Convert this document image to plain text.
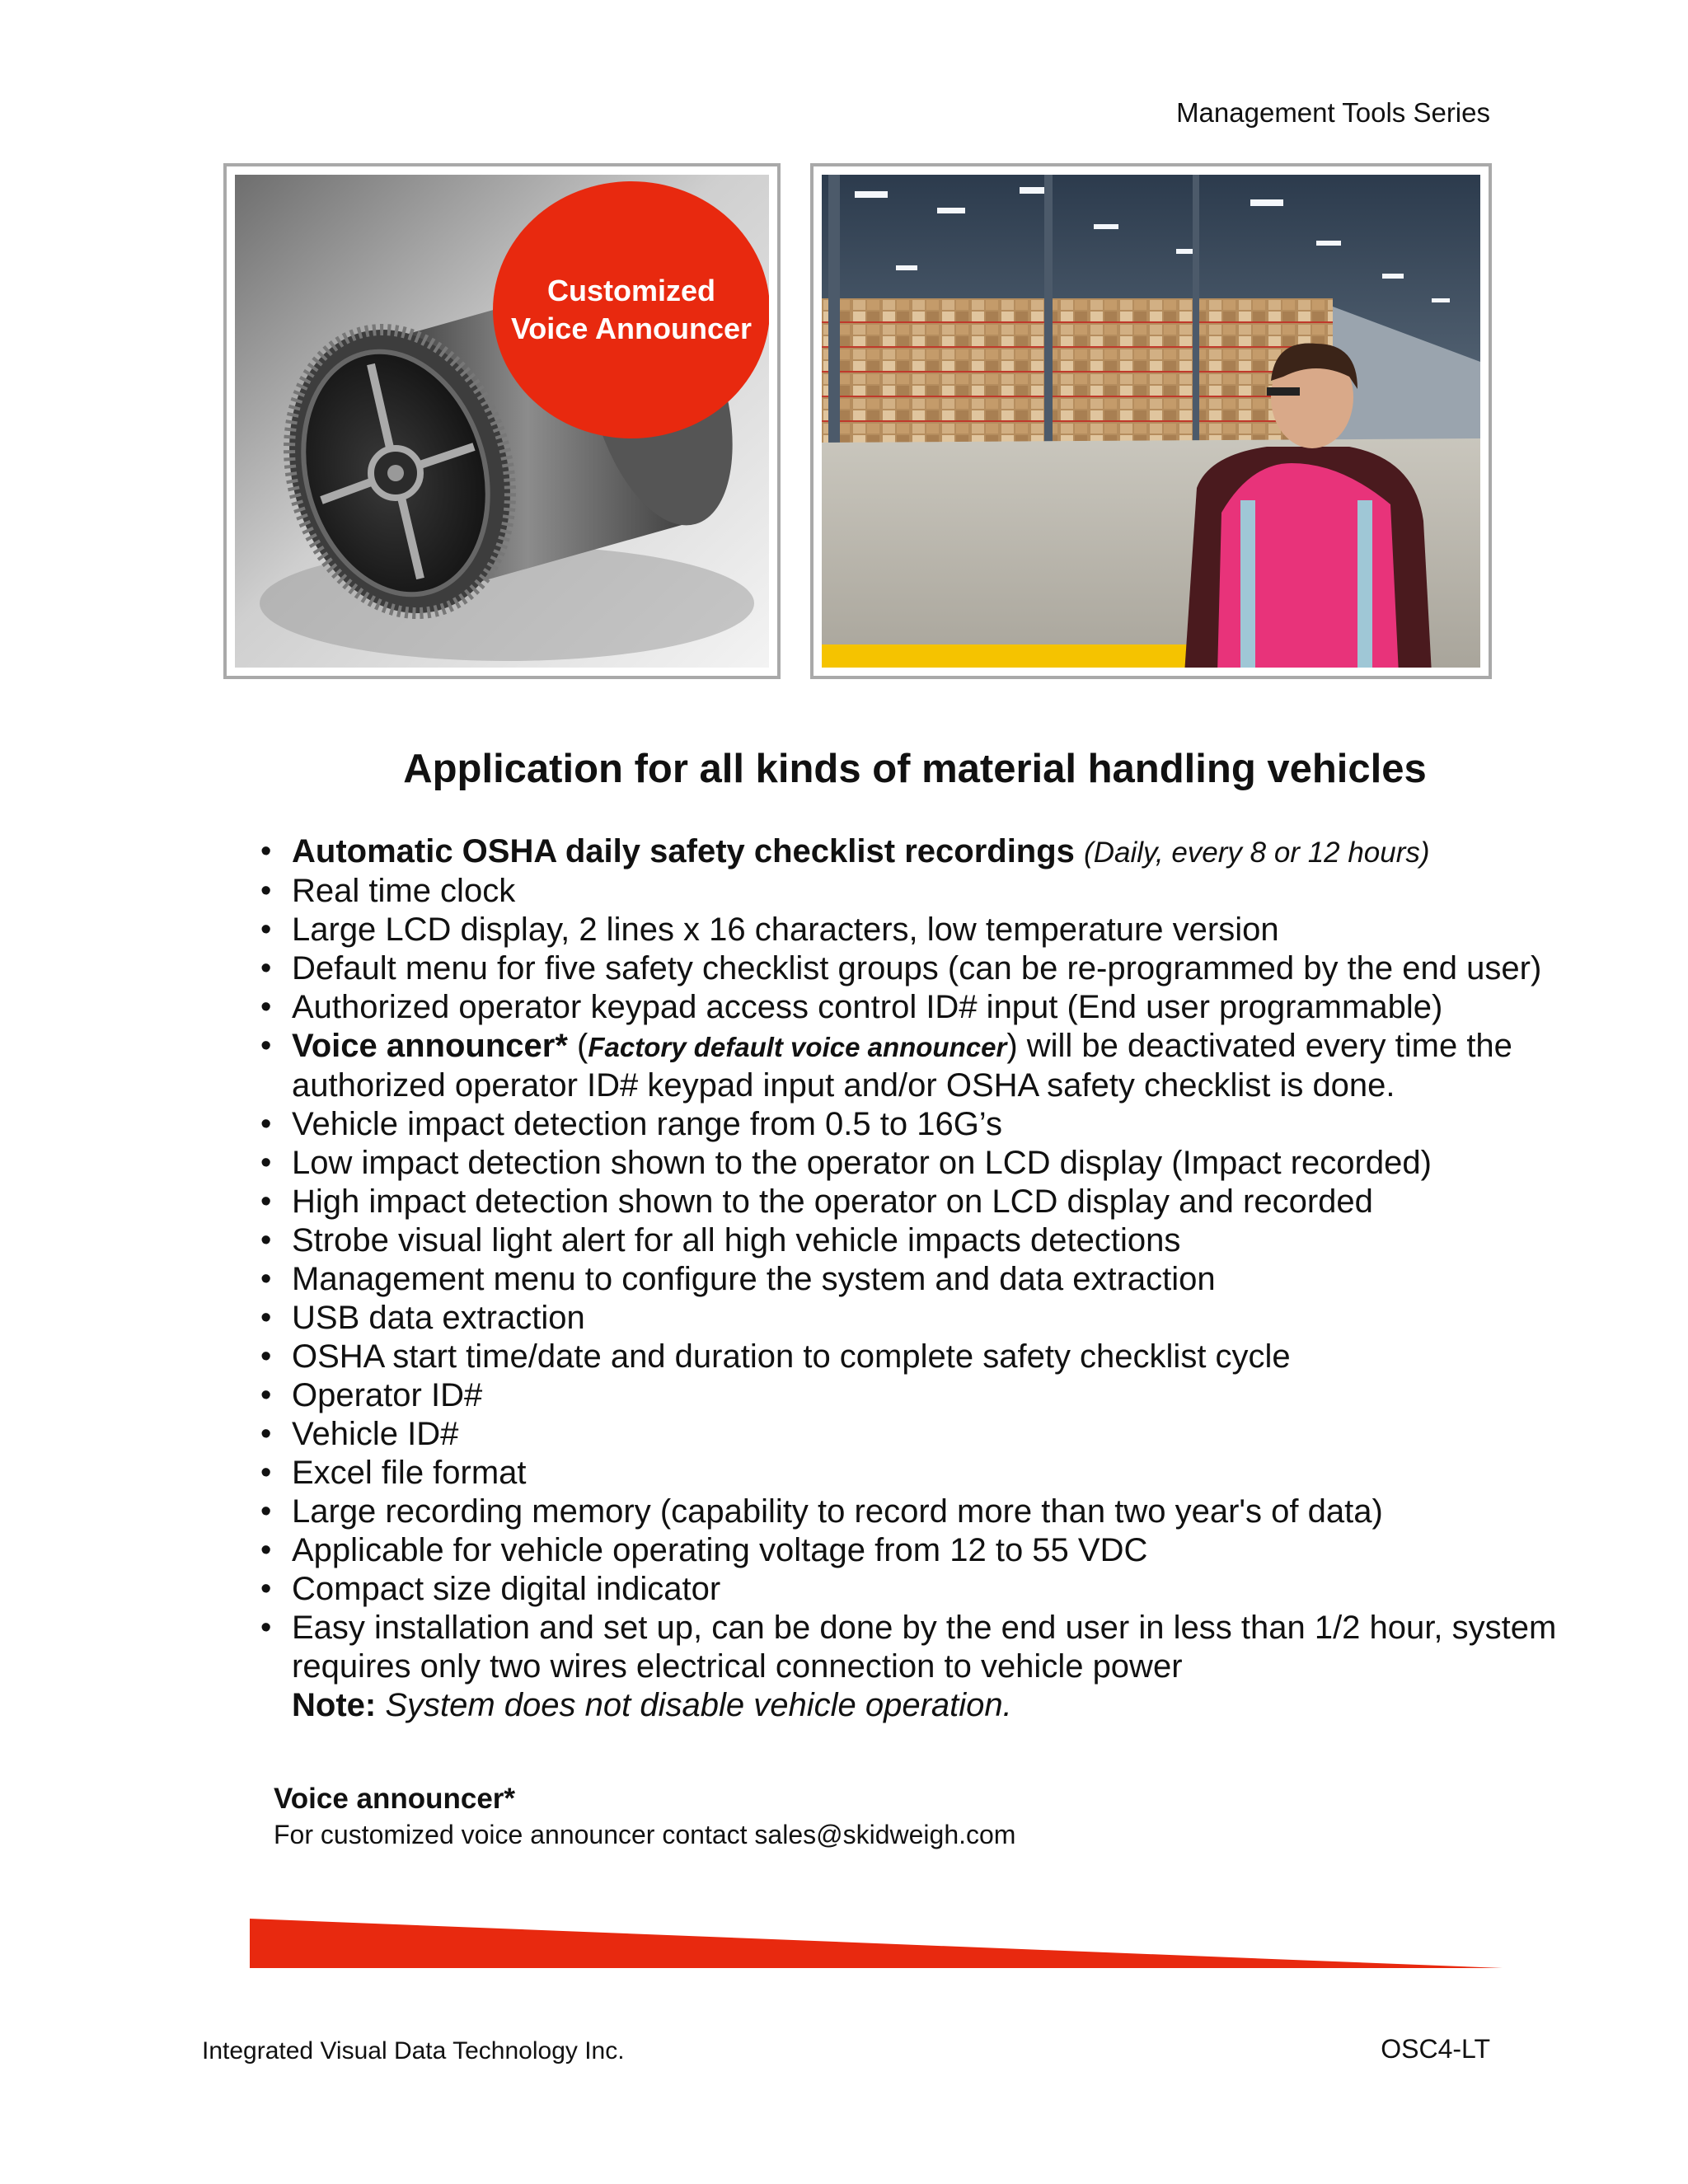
Management Tools Series
Customized Voice Announcer
Application for all kinds of material handling vehicles
• Automatic OSHA daily safety checklist recordings (Daily, every 8 or 12 hours)
• Real time clock
• Large LCD display, 2 lines x 16 characters, low temperature version
• Default menu for five safety checklist groups (can be re-programmed by the end user)
• Authorized operator keypad access control ID# input (End user programmable)
• Voice announcer* (Factory default voice announcer) will be deactivated every time the authorized operator ID# keypad input and/or OSHA safety checklist is done.
• Vehicle impact detection range from 0.5 to 16G’s
• Low impact detection shown to the operator on LCD display (Impact recorded)
• High impact detection shown to the operator on LCD display and recorded
• Strobe visual light alert for all high vehicle impacts detections
• Management menu to configure the system and data extraction
• USB data extraction
• OSHA start time/date and duration to complete safety checklist cycle
• Operator ID#
• Vehicle ID#
• Excel file format
• Large recording memory (capability to record more than two year's of data)
• Applicable for vehicle operating voltage from 12 to 55 VDC
• Compact size digital indicator
• Easy installation and set up, can be done by the end user in less than 1/2 hour, system requires only two wires electrical connection to vehicle power
Note: System does not disable vehicle operation.
Voice announcer*
For customized voice announcer contact sales@skidweigh.com
Integrated Visual Data Technology Inc.	OSC4-LT
